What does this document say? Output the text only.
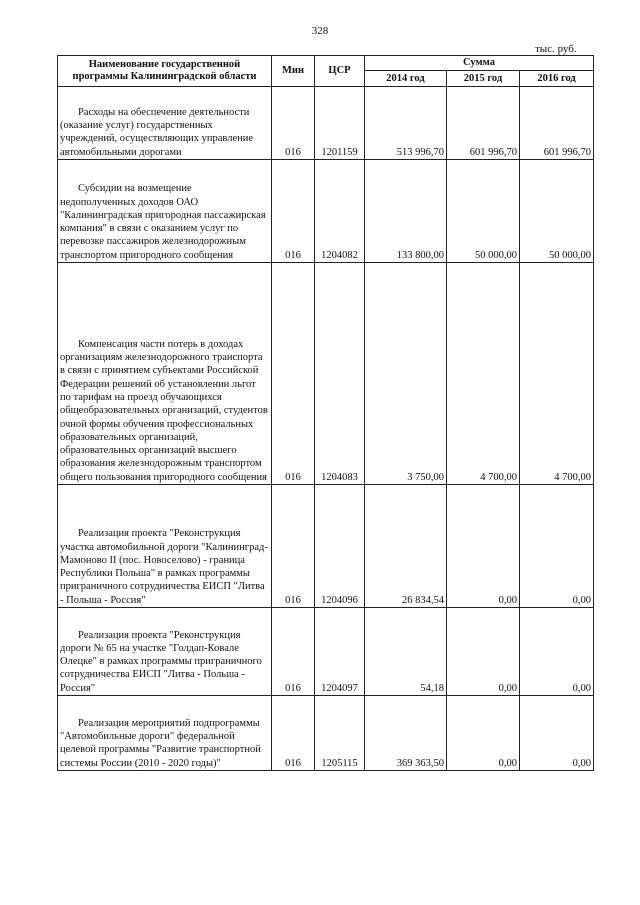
328
тыс. руб.
Наименование государственной программы Калининградской области	Мин	ЦСР	Сумма		
			2014 год	2015 год	2016 год
Расходы на обеспечение деятельности (оказание услуг) государственных учреждений, осуществляющих управление автомобильными дорогами	016	1201159	513 996,70	601 996,70	601 996,70
Субсидии на возмещение недополученных доходов ОАО "Калининградская пригородная пассажирская компания" в связи с оказанием услуг по перевозке пассажиров железнодорожным транспортом пригородного сообщения	016	1204082	133 800,00	50 000,00	50 000,00
Компенсация части потерь в доходах организациям железнодорожного транспорта в связи с принятием субъектами Российской Федерации решений об установлении льгот по тарифам на проезд обучающихся общеобразовательных организаций, студентов очной формы обучения профессиональных образовательных организаций, образовательных организаций высшего образования железнодорожным транспортом общего пользования пригородного сообщения	016	1204083	3 750,00	4 700,00	4 700,00
Реализация проекта "Реконструкция участка автомобильной дороги "Калининград-Мамоново II (пос. Новоселово) - граница Республики Польша" в рамках программы приграничного сотрудничества ЕИСП "Литва - Польша - Россия"	016	1204096	26 834,54	0,00	0,00
Реализация проекта "Реконструкция дороги № 65 на участке "Голдап-Ковале Олецке" в рамках программы приграничного сотрудничества ЕИСП "Литва - Польша - Россия"	016	1204097	54,18	0,00	0,00
Реализация мероприятий подпрограммы "Автомобильные дороги" федеральной целевой программы "Развитие транспортной системы России (2010 - 2020 годы)"	016	1205115	369 363,50	0,00	0,00
